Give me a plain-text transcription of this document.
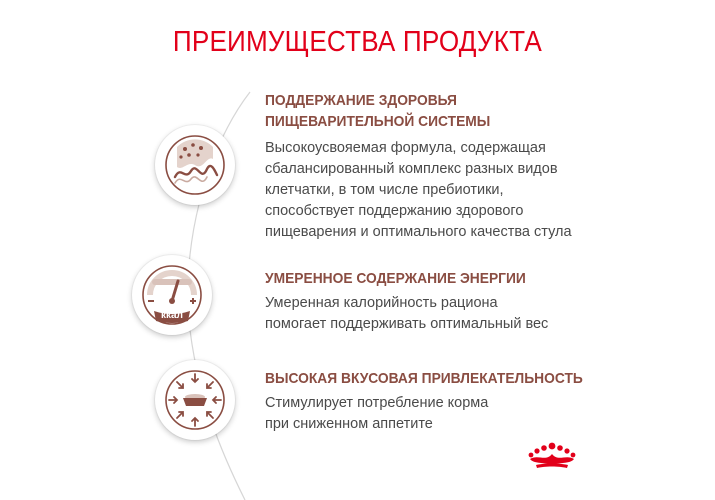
ПРЕИМУЩЕСТВА ПРОДУКТА
ПОДДЕРЖАНИЕ ЗДОРОВЬЯ
ПИЩЕВАРИТЕЛЬНОЙ СИСТЕМЫ
Высокоусвояемая формула, содержащая
сбалансированный комплекс разных видов
клетчатки, в том числе пребиотики,
способствует поддержанию здорового
пищеварения и оптимального качества стула
ккал
УМЕРЕННОЕ СОДЕРЖАНИЕ ЭНЕРГИИ
Умеренная калорийность рациона
помогает поддерживать оптимальный вес
ВЫСОКАЯ ВКУСОВАЯ ПРИВЛЕКАТЕЛЬНОСТЬ
Стимулирует потребление корма
при сниженном аппетите
